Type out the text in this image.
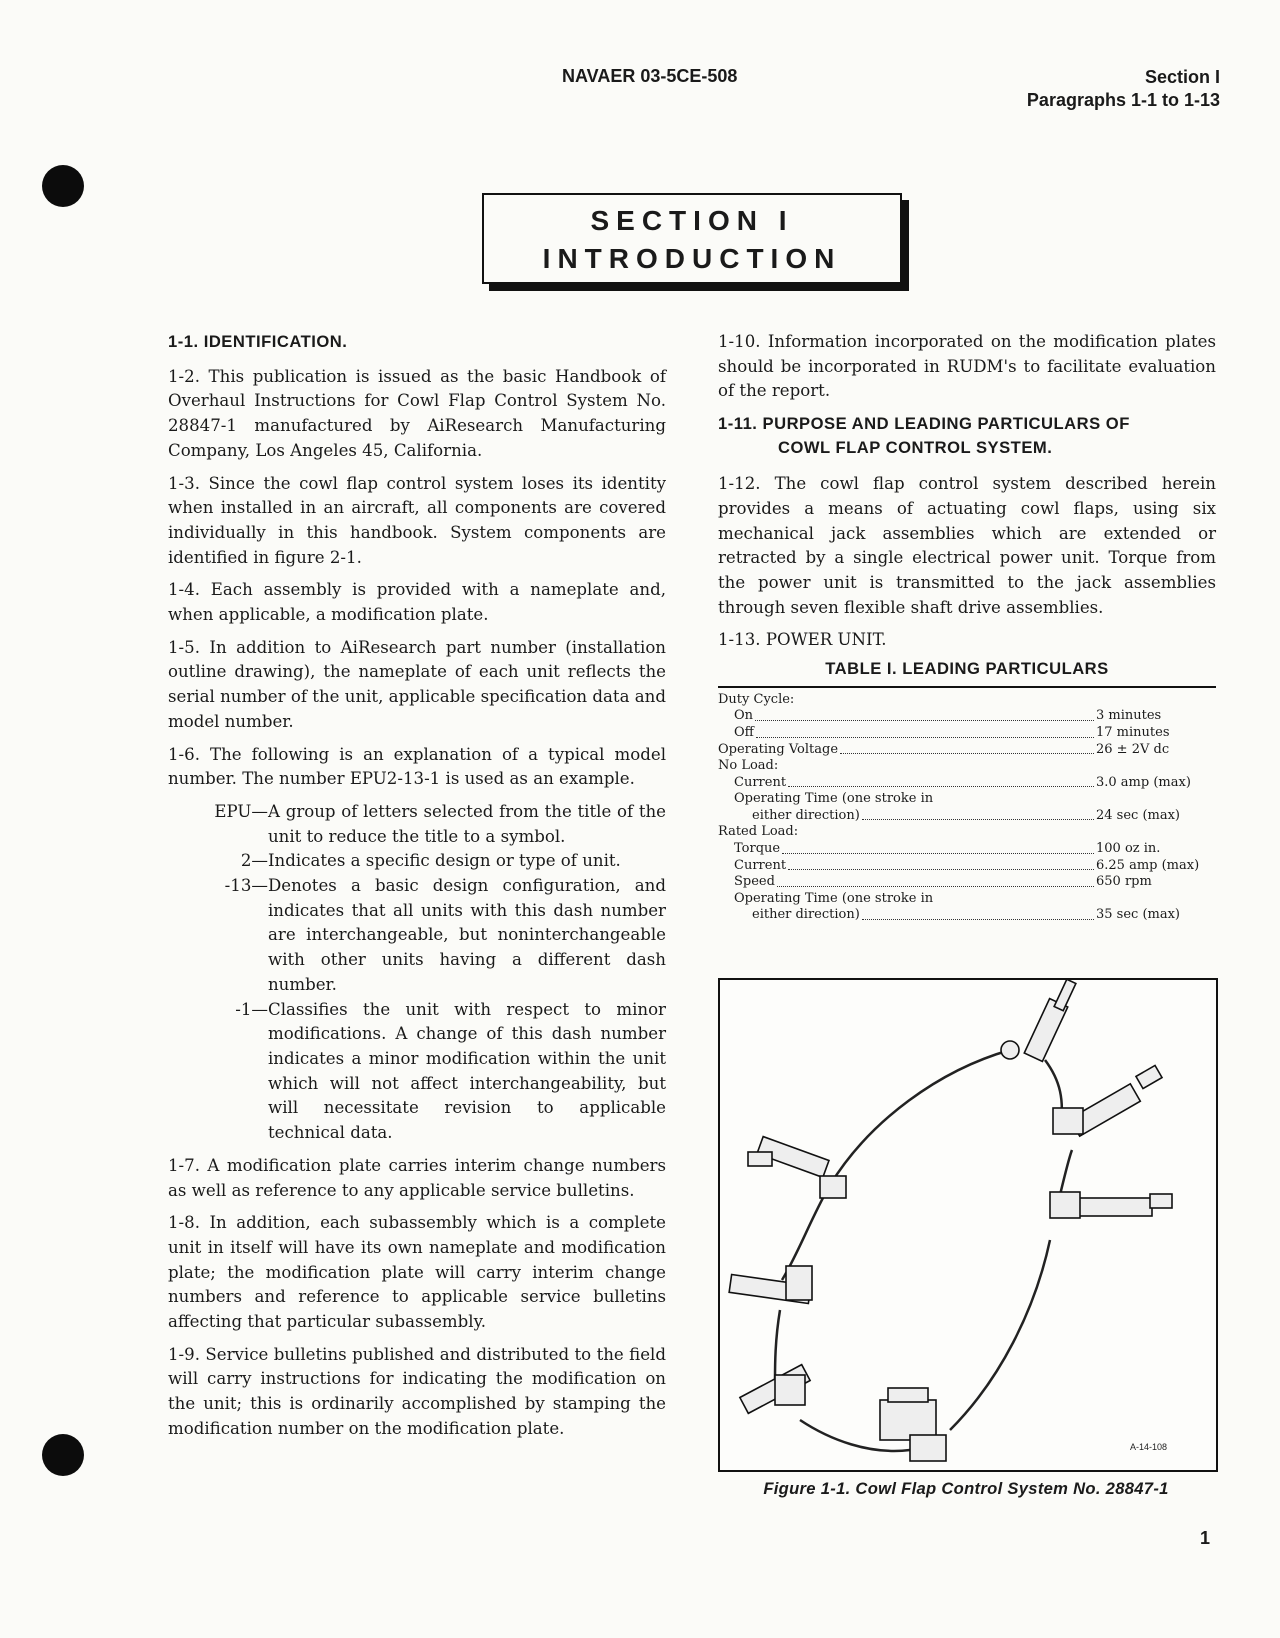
NAVAER 03-5CE-508	Section I
Paragraphs 1-1 to 1-13
SECTION I
INTRODUCTION
1-1. IDENTIFICATION.

1-2. This publication is issued as the basic Handbook of Overhaul Instructions for Cowl Flap Control System No. 28847-1 manufactured by AiResearch Manufacturing Company, Los Angeles 45, California.

1-3. Since the cowl flap control system loses its identity when installed in an aircraft, all components are covered individually in this handbook. System components are identified in figure 2-1.

1-4. Each assembly is provided with a nameplate and, when applicable, a modification plate.

1-5. In addition to AiResearch part number (installation outline drawing), the nameplate of each unit reflects the serial number of the unit, applicable specification data and model number.

1-6. The following is an explanation of a typical model number. The number EPU2-13-1 is used as an example.

EPU— A group of letters selected from the title of the unit to reduce the title to a symbol.
2— Indicates a specific design or type of unit.
-13— Denotes a basic design configuration, and indicates that all units with this dash number are interchangeable, but noninterchangeable with other units having a different dash number.
-1— Classifies the unit with respect to minor modifications. A change of this dash number indicates a minor modification within the unit which will not affect interchangeability, but will necessitate revision to applicable technical data.

1-7. A modification plate carries interim change numbers as well as reference to any applicable service bulletins.

1-8. In addition, each subassembly which is a complete unit in itself will have its own nameplate and modification plate; the modification plate will carry interim change numbers and reference to applicable service bulletins affecting that particular subassembly.

1-9. Service bulletins published and distributed to the field will carry instructions for indicating the modification on the unit; this is ordinarily accomplished by stamping the modification number on the modification plate.

1-10. Information incorporated on the modification plates should be incorporated in RUDM's to facilitate evaluation of the report.

1-11. PURPOSE AND LEADING PARTICULARS OF
COWL FLAP CONTROL SYSTEM.

1-12. The cowl flap control system described herein provides a means of actuating cowl flaps, using six mechanical jack assemblies which are extended or retracted by a single electrical power unit. Torque from the power unit is transmitted to the jack assemblies through seven flexible shaft drive assemblies.

1-13. POWER UNIT.

TABLE I. LEADING PARTICULARS
Duty Cycle:
On	3 minutes
Off	17 minutes
Operating Voltage	26 ± 2V dc
No Load:
Current	3.0 amp (max)
Operating Time (one stroke in
either direction)	24 sec (max)
Rated Load:
Torque	100 oz in.
Current	6.25 amp (max)
Speed	650 rpm
Operating Time (one stroke in
either direction)	35 sec (max)
A-14-108
Figure 1-1. Cowl Flap Control System No. 28847-1
1
